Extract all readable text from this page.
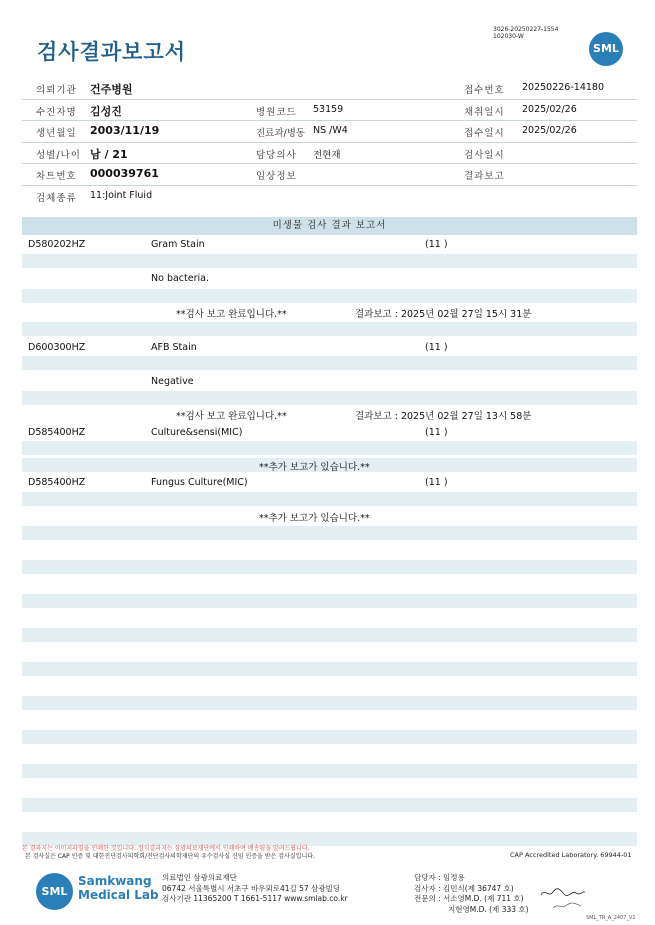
검사결과보고서
3026-20250227-1554
102030-W
SML
의뢰기관 건주병원	접수번호 20250226-14180
수진자명 김성진	병원코드 53159	채취일시 2025/02/26
생년월일 2003/11/19	진료과/병동 NS /W4	접수일시 2025/02/26
성별/나이 남 / 21	담당의사 전현재	검사일시
차트번호 000039761	임상정보	결과보고
검체종류 11:Joint Fluid
미생물 검사 결과 보고서
D580202HZ	Gram Stain	(11 )
No bacteria.
**검사 보고 완료입니다.**	결과보고 : 2025년 02월 27일 15시 31분
D600300HZ	AFB Stain	(11 )
Negative
**검사 보고 완료입니다.**	결과보고 : 2025년 02월 27일 13시 58분
D585400HZ	Culture&sensi(MIC)	(11 )
**추가 보고가 있습니다.**
D585400HZ	Fungus Culture(MIC)	(11 )
**추가 보고가 있습니다.**
본 결과지는 이미지파일을 인쇄한 것입니다. 정식결과지는 삼광의료재단에서 인쇄하여 배송됨을 알려드립니다.
본 검사실은 CAP 인증 및 대한진단검사의학회/진단검사의학재단의 우수검사실 신임 인증을 받은 검사실입니다.	CAP Accredited Laboratory. 69944-01
SML
Samkwang
Medical Lab
의료법인 삼광의료재단
06742 서울특별시 서초구 바우뫼로41길 57 삼광빌딩
검사기관 11365200 T 1661-5117 www.smlab.co.kr
담당자 : 임정용
검사자 : 김민식(제 36747 호)
전문의 : 서소영M.D. (제 711 호)
지현영M.D. (제 333 호)
SML_TR_A_2407_V1
